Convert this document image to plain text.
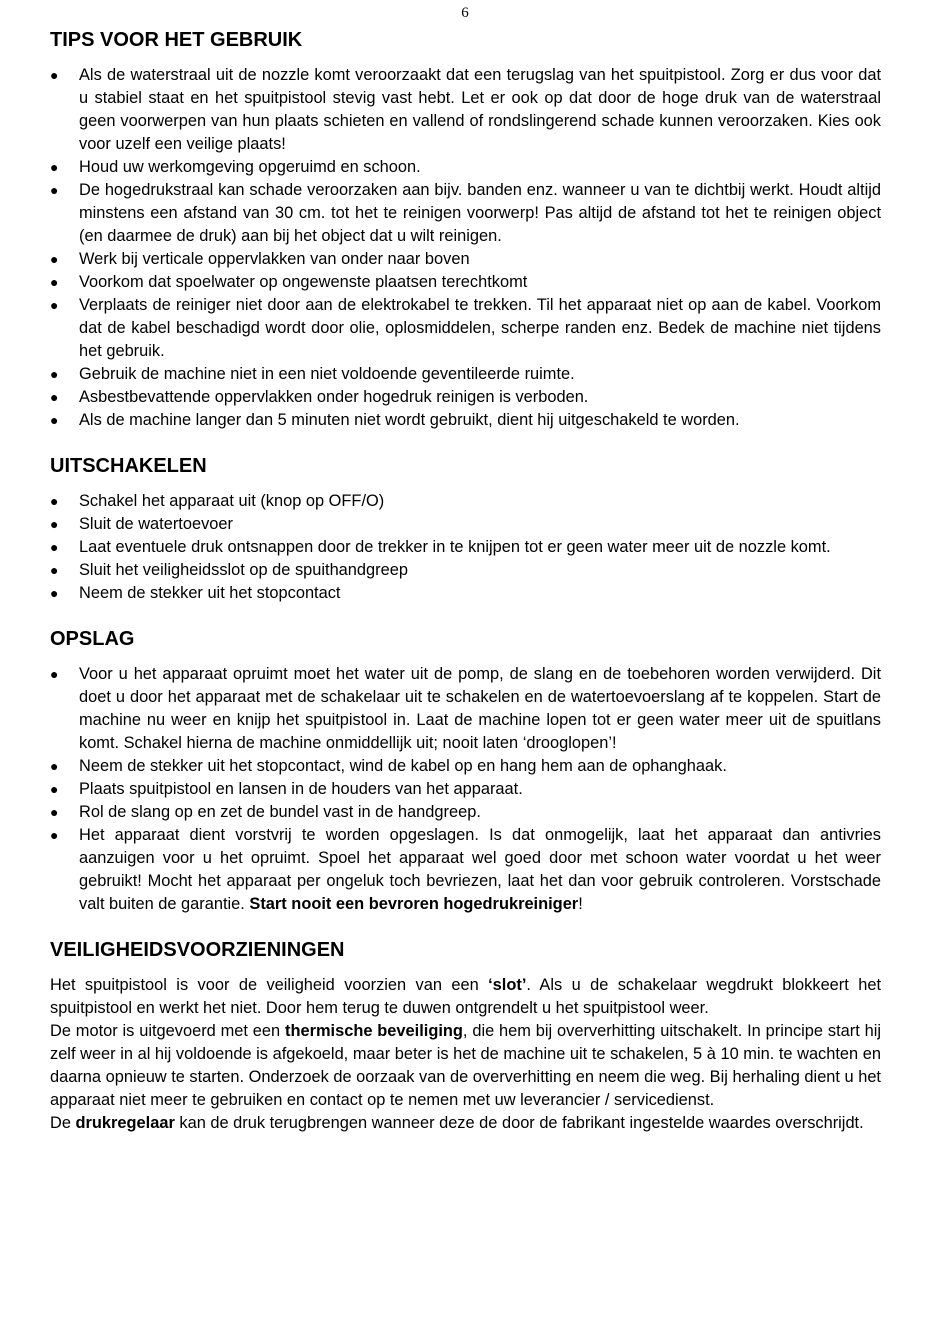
6
TIPS VOOR HET GEBRUIK
● Als de waterstraal uit de nozzle komt veroorzaakt dat een terugslag van het spuitpistool. Zorg er dus voor dat u stabiel staat en het spuitpistool stevig vast hebt. Let er ook op dat door de hoge druk van de waterstraal geen voorwerpen van hun plaats schieten en vallend of rondslingerend schade kunnen veroorzaken. Kies ook voor uzelf een veilige plaats!
● Houd uw werkomgeving opgeruimd en schoon.
● De hogedrukstraal kan schade veroorzaken aan bijv. banden enz. wanneer u van te dichtbij werkt. Houdt altijd minstens een afstand van 30 cm. tot het te reinigen voorwerp! Pas altijd de afstand tot het te reinigen object (en daarmee de druk) aan bij het object dat u wilt reinigen.
● Werk bij verticale oppervlakken van onder naar boven
● Voorkom dat spoelwater op ongewenste plaatsen terechtkomt
● Verplaats de reiniger niet door aan de elektrokabel te trekken. Til het apparaat niet op aan de kabel. Voorkom dat de kabel beschadigd wordt door olie, oplosmiddelen, scherpe randen enz. Bedek de machine niet tijdens het gebruik.
● Gebruik de machine niet in een niet voldoende geventileerde ruimte.
● Asbestbevattende oppervlakken onder hogedruk reinigen is verboden.
● Als de machine langer dan 5 minuten niet wordt gebruikt, dient hij uitgeschakeld te worden.
UITSCHAKELEN
● Schakel het apparaat uit (knop op OFF/O)
● Sluit de watertoevoer
● Laat eventuele druk ontsnappen door de trekker in te knijpen tot er geen water meer uit de nozzle komt.
● Sluit het veiligheidsslot op de spuithandgreep
● Neem de stekker uit het stopcontact
OPSLAG
● Voor u het apparaat opruimt moet het water uit de pomp, de slang en de toebehoren worden verwijderd. Dit doet u door het apparaat met de schakelaar uit te schakelen en de watertoevoerslang af te koppelen. Start de machine nu weer en knijp het spuitpistool in. Laat de machine lopen tot er geen water meer uit de spuitlans komt. Schakel hierna de machine onmiddellijk uit; nooit laten ‘drooglopen’!
● Neem de stekker uit het stopcontact, wind de kabel op en hang hem aan de ophanghaak.
● Plaats spuitpistool en lansen in de houders van het apparaat.
● Rol de slang op en zet de bundel vast in de handgreep.
● Het apparaat dient vorstvrij te worden opgeslagen. Is dat onmogelijk, laat het apparaat dan antivries aanzuigen voor u het opruimt. Spoel het apparaat wel goed door met schoon water voordat u het weer gebruikt! Mocht het apparaat per ongeluk toch bevriezen, laat het dan voor gebruik controleren. Vorstschade valt buiten de garantie. Start nooit een bevroren hogedrukreiniger!
VEILIGHEIDSVOORZIENINGEN

Het spuitpistool is voor de veiligheid voorzien van een ‘slot’. Als u de schakelaar wegdrukt blokkeert het spuitpistool en werkt het niet. Door hem terug te duwen ontgrendelt u het spuitpistool weer.

De motor is uitgevoerd met een thermische beveiliging, die hem bij oververhitting uitschakelt. In principe start hij zelf weer in al hij voldoende is afgekoeld, maar beter is het de machine uit te schakelen, 5 à 10 min. te wachten en daarna opnieuw te starten. Onderzoek de oorzaak van de oververhitting en neem die weg. Bij herhaling dient u het apparaat niet meer te gebruiken en contact op te nemen met uw leverancier / servicedienst.

De drukregelaar kan de druk terugbrengen wanneer deze de door de fabrikant ingestelde waardes overschrijdt.
